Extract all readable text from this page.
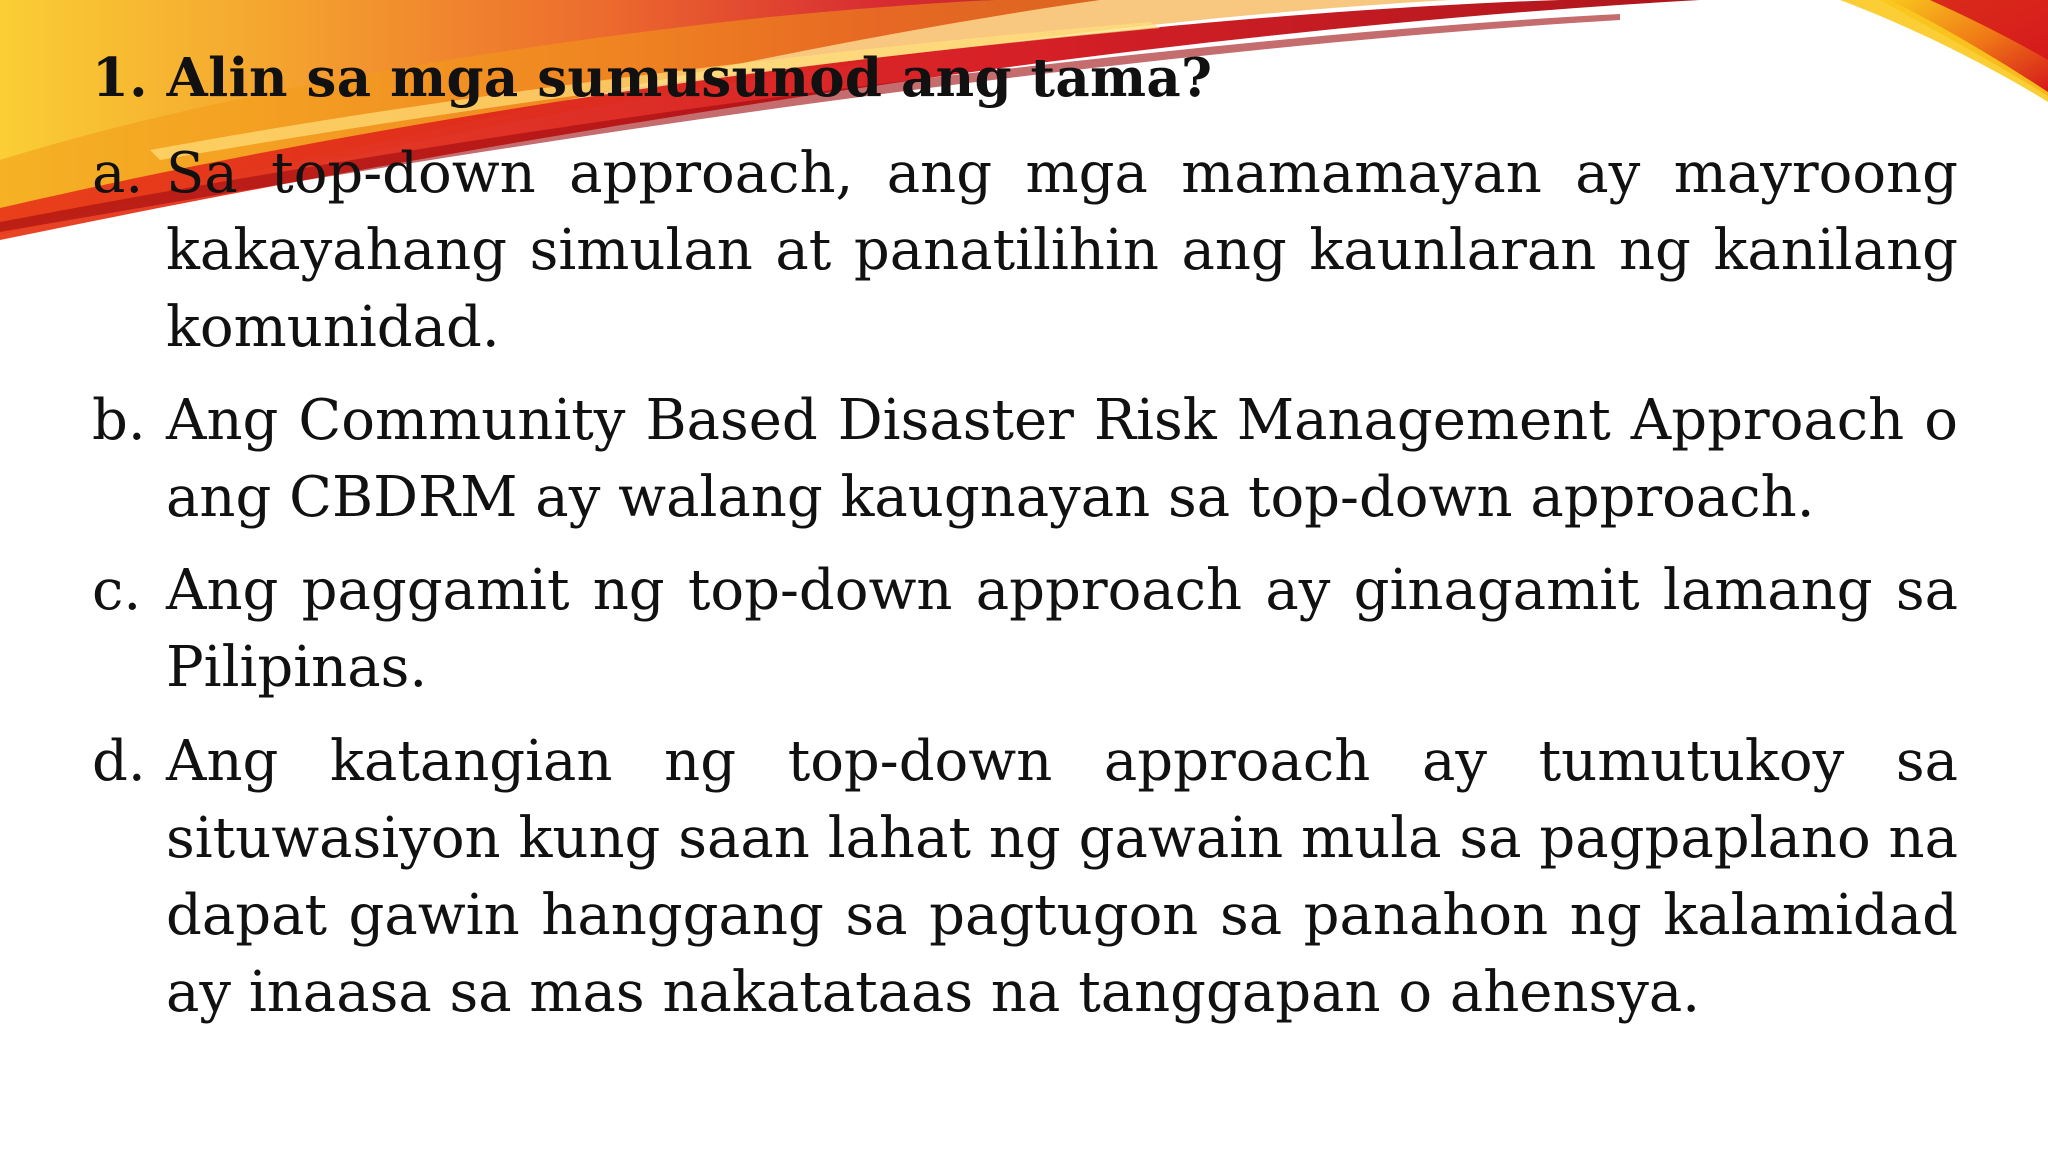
1. Alin sa mga sumusunod ang tama?
a. Sa top-down approach, ang mga mamamayan ay mayroong kakayahang simulan at panatilihin ang kaunlaran ng kanilang komunidad.
b. Ang Community Based Disaster Risk Management Approach o ang CBDRM ay walang kaugnayan sa top-down approach.
c. Ang paggamit ng top-down approach ay ginagamit lamang sa Pilipinas.
d. Ang katangian ng top-down approach ay tumutukoy sa situwasiyon kung saan lahat ng gawain mula sa pagpaplano na dapat gawin hanggang sa pagtugon sa panahon ng kalamidad ay inaasa sa mas nakatataas na tanggapan o ahensya.
